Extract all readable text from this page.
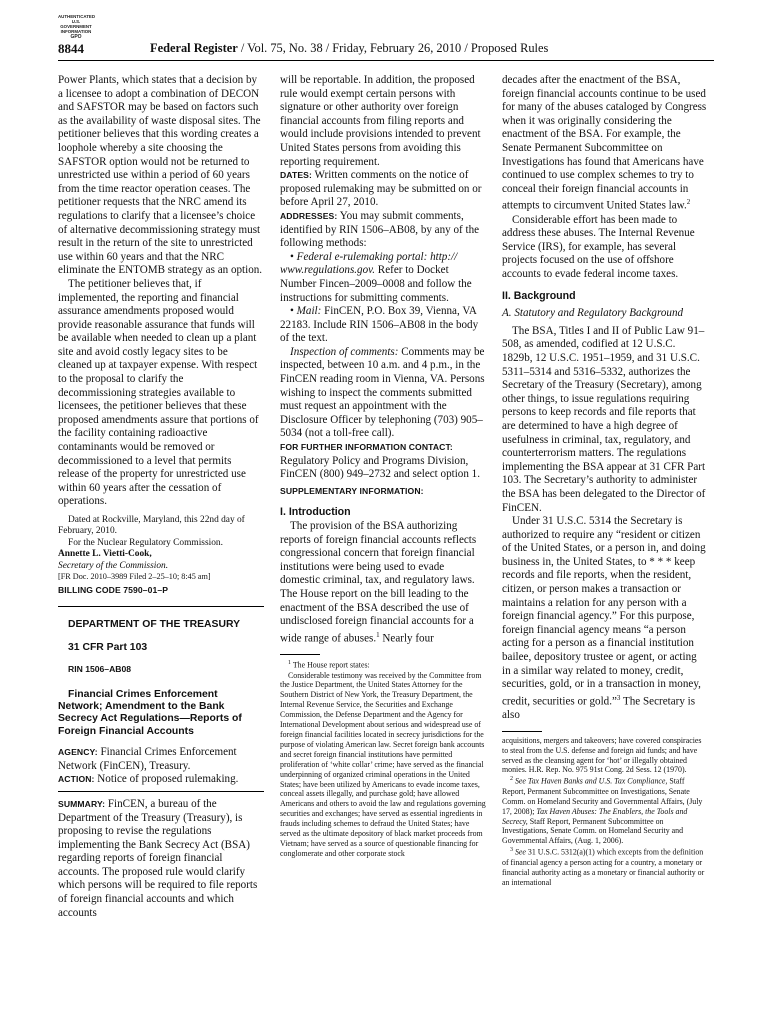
AUTHENTICATED
U.S. GOVERNMENT
INFORMATION
GPO
8844	Federal Register / Vol. 75, No. 38 / Friday, February 26, 2010 / Proposed Rules

Power Plants, which states that a decision by a licensee to adopt a combination of DECON and SAFSTOR may be based on factors such as the availability of waste disposal sites. The petitioner believes that this wording creates a loophole whereby a site choosing the SAFSTOR option would not be returned to unrestricted use within a period of 60 years from the time reactor operation ceases. The petitioner requests that the NRC amend its regulations to clarify that a licensee’s choice of alternative decommissioning strategy must result in the return of the site to unrestricted use within 60 years and that the NRC eliminate the ENTOMB strategy as an option.

The petitioner believes that, if implemented, the reporting and financial assurance amendments proposed would provide reasonable assurance that funds will be available when needed to clean up a plant site and avoid costly legacy sites to be cleaned up at taxpayer expense. With respect to the proposal to clarify the decommissioning strategies available to licensees, the petitioner believes that these proposed amendments assure that portions of the facility containing radioactive contaminants would be removed or decommissioned to a level that permits release of the property for unrestricted use within 60 years after the cessation of operations.

Dated at Rockville, Maryland, this 22nd day of February, 2010.

For the Nuclear Regulatory Commission.

Annette L. Vietti-Cook,

Secretary of the Commission.

[FR Doc. 2010–3989 Filed 2–25–10; 8:45 am]

BILLING CODE 7590–01–P

DEPARTMENT OF THE TREASURY

31 CFR Part 103

RIN 1506–AB08

Financial Crimes Enforcement Network; Amendment to the Bank Secrecy Act Regulations—Reports of Foreign Financial Accounts

AGENCY: Financial Crimes Enforcement Network (FinCEN), Treasury.

ACTION: Notice of proposed rulemaking.

SUMMARY: FinCEN, a bureau of the Department of the Treasury (Treasury), is proposing to revise the regulations implementing the Bank Secrecy Act (BSA) regarding reports of foreign financial accounts. The proposed rule would clarify which persons will be required to file reports of foreign financial accounts and which accounts

will be reportable. In addition, the proposed rule would exempt certain persons with signature or other authority over foreign financial accounts from filing reports and would include provisions intended to prevent United States persons from avoiding this reporting requirement.

DATES: Written comments on the notice of proposed rulemaking may be submitted on or before April 27, 2010.

ADDRESSES: You may submit comments, identified by RIN 1506–AB08, by any of the following methods:

• Federal e-rulemaking portal: http:// www.regulations.gov. Refer to Docket Number Fincen–2009–0008 and follow the instructions for submitting comments.

• Mail: FinCEN, P.O. Box 39, Vienna, VA 22183. Include RIN 1506–AB08 in the body of the text.

Inspection of comments: Comments may be inspected, between 10 a.m. and 4 p.m., in the FinCEN reading room in Vienna, VA. Persons wishing to inspect the comments submitted must request an appointment with the Disclosure Officer by telephoning (703) 905–5034 (not a toll-free call).

FOR FURTHER INFORMATION CONTACT:

Regulatory Policy and Programs Division, FinCEN (800) 949–2732 and select option 1.

SUPPLEMENTARY INFORMATION:

I. Introduction

The provision of the BSA authorizing reports of foreign financial accounts reflects congressional concern that foreign financial institutions were being used to evade domestic criminal, tax, and regulatory laws. The House report on the bill leading to the enactment of the BSA described the use of undisclosed foreign financial accounts for a wide range of abuses.$^1$ Nearly four

$^1$ The House report states:

Considerable testimony was received by the Committee from the Justice Department, the United States Attorney for the Southern District of New York, the Treasury Department, the Internal Revenue Service, the Securities and Exchange Commission, the Defense Department and the Agency for International Development about serious and widespread use of foreign financial facilities located in secrecy jurisdictions for the purpose of violating American law. Secret foreign bank accounts and secret foreign financial institutions have permitted proliferation of ‘white collar’ crime; have served as the financial underpinning of organized criminal operations in the United States; have been utilized by Americans to evade income taxes, conceal assets illegally, and purchase gold; have allowed Americans and others to avoid the law and regulations governing securities and exchanges; have served as essential ingredients in frauds including schemes to defraud the United States; have served as the ultimate depository of black market proceeds from Vietnam; have served as a source of questionable financing for conglomerate and other corporate stock

decades after the enactment of the BSA, foreign financial accounts continue to be used for many of the abuses cataloged by Congress when it was originally considering the enactment of the BSA. For example, the Senate Permanent Subcommittee on Investigations has found that Americans have continued to use complex schemes to try to conceal their foreign financial accounts in attempts to circumvent United States law.$^2$

Considerable effort has been made to address these abuses. The Internal Revenue Service (IRS), for example, has several projects focused on the use of offshore accounts to evade federal income taxes.

II. Background

A. Statutory and Regulatory Background

The BSA, Titles I and II of Public Law 91–508, as amended, codified at 12 U.S.C. 1829b, 12 U.S.C. 1951–1959, and 31 U.S.C. 5311–5314 and 5316–5332, authorizes the Secretary of the Treasury (Secretary), among other things, to issue regulations requiring persons to keep records and file reports that are determined to have a high degree of usefulness in criminal, tax, regulatory, and counterterrorism matters. The regulations implementing the BSA appear at 31 CFR Part 103. The Secretary’s authority to administer the BSA has been delegated to the Director of FinCEN.

Under 31 U.S.C. 5314 the Secretary is authorized to require any “resident or citizen of the United States, or a person in, and doing business in, the United States, to * * * keep records and file reports, when the resident, citizen, or person makes a transaction or maintains a relation for any person with a foreign financial agency.” For this purpose, foreign financial agency means “a person acting for a person as a financial institution bailee, depository trustee or agent, or acting in a similar way related to money, credit, securities, gold, or in a transaction in money, credit, securities or gold.”$^3$ The Secretary is also

acquisitions, mergers and takeovers; have covered conspiracies to steal from the U.S. defense and foreign aid funds; and have served as the cleansing agent for ‘hot’ or illegally obtained monies. H.R. Rep. No. 975 91st Cong. 2d Sess. 12 (1970).

$^2$ See Tax Haven Banks and U.S. Tax Compliance, Staff Report, Permanent Subcommittee on Investigations, Senate Comm. on Homeland Security and Governmental Affairs, (July 17, 2008); Tax Haven Abuses: The Enablers, the Tools and Secrecy, Staff Report, Permanent Subcommittee on Investigations, Senate Comm. on Homeland Security and Governmental Affairs, (Aug. 1, 2006).

$^3$ See 31 U.S.C. 5312(a)(1) which excepts from the definition of financial agency a person acting for a country, a monetary or financial authority acting as a monetary or financial authority or an international
